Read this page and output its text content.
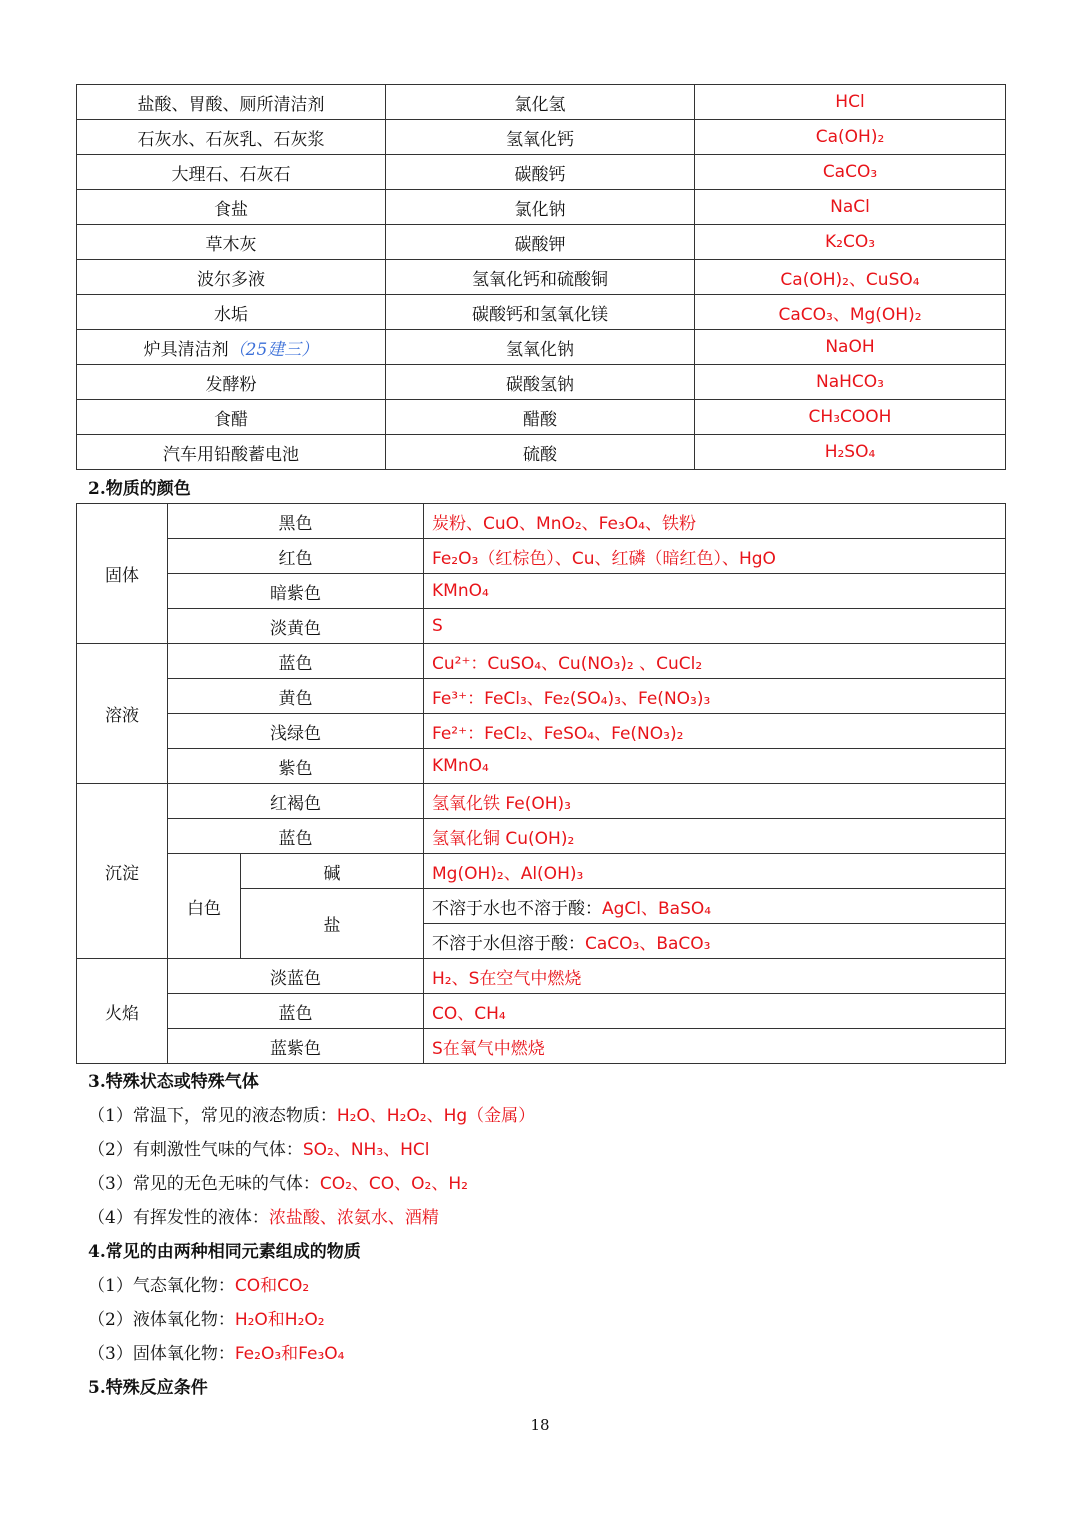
盐酸、胃酸、厕所清洁剂	氯化氢	HCl
石灰水、石灰乳、石灰浆	氢氧化钙	Ca(OH)₂
大理石、石灰石	碳酸钙	CaCO₃
食盐	氯化钠	NaCl
草木灰	碳酸钾	K₂CO₃
波尔多液	氢氧化钙和硫酸铜	Ca(OH)₂、CuSO₄
水垢	碳酸钙和氢氧化镁	CaCO₃、Mg(OH)₂
炉具清洁剂（25建三）	氢氧化钠	NaOH
发酵粉	碳酸氢钠	NaHCO₃
食醋	醋酸	CH₃COOH
汽车用铅酸蓄电池	硫酸	H₂SO₄
2.物质的颜色
固体	黑色		炭粉、CuO、MnO₂、Fe₃O₄、铁粉
	红色		Fe₂O₃（红棕色）、Cu、红磷（暗红色）、HgO
	暗紫色		KMnO₄
	淡黄色		S
溶液	蓝色		Cu²⁺：CuSO₄、Cu(NO₃)₂ 、CuCl₂
	黄色		Fe³⁺：FeCl₃、Fe₂(SO₄)₃、Fe(NO₃)₃
	浅绿色		Fe²⁺：FeCl₂、FeSO₄、Fe(NO₃)₂
	紫色		KMnO₄
沉淀	红褐色		氢氧化铁 Fe(OH)₃
	蓝色		氢氧化铜 Cu(OH)₂
	白色	碱	Mg(OH)₂、Al(OH)₃
		盐	不溶于水也不溶于酸：AgCl、BaSO₄
			不溶于水但溶于酸：CaCO₃、BaCO₃
火焰	淡蓝色		H₂、S在空气中燃烧
	蓝色		CO、CH₄
	蓝紫色		S在氧气中燃烧
3.特殊状态或特殊气体
（1）常温下，常见的液态物质：H₂O、H₂O₂、Hg（金属）
（2）有刺激性气味的气体：SO₂、NH₃、HCl
（3）常见的无色无味的气体：CO₂、CO、O₂、H₂
（4）有挥发性的液体：浓盐酸、浓氨水、酒精
4.常见的由两种相同元素组成的物质
（1）气态氧化物：CO和CO₂
（2）液体氧化物：H₂O和H₂O₂
（3）固体氧化物：Fe₂O₃和Fe₃O₄
5.特殊反应条件
18
